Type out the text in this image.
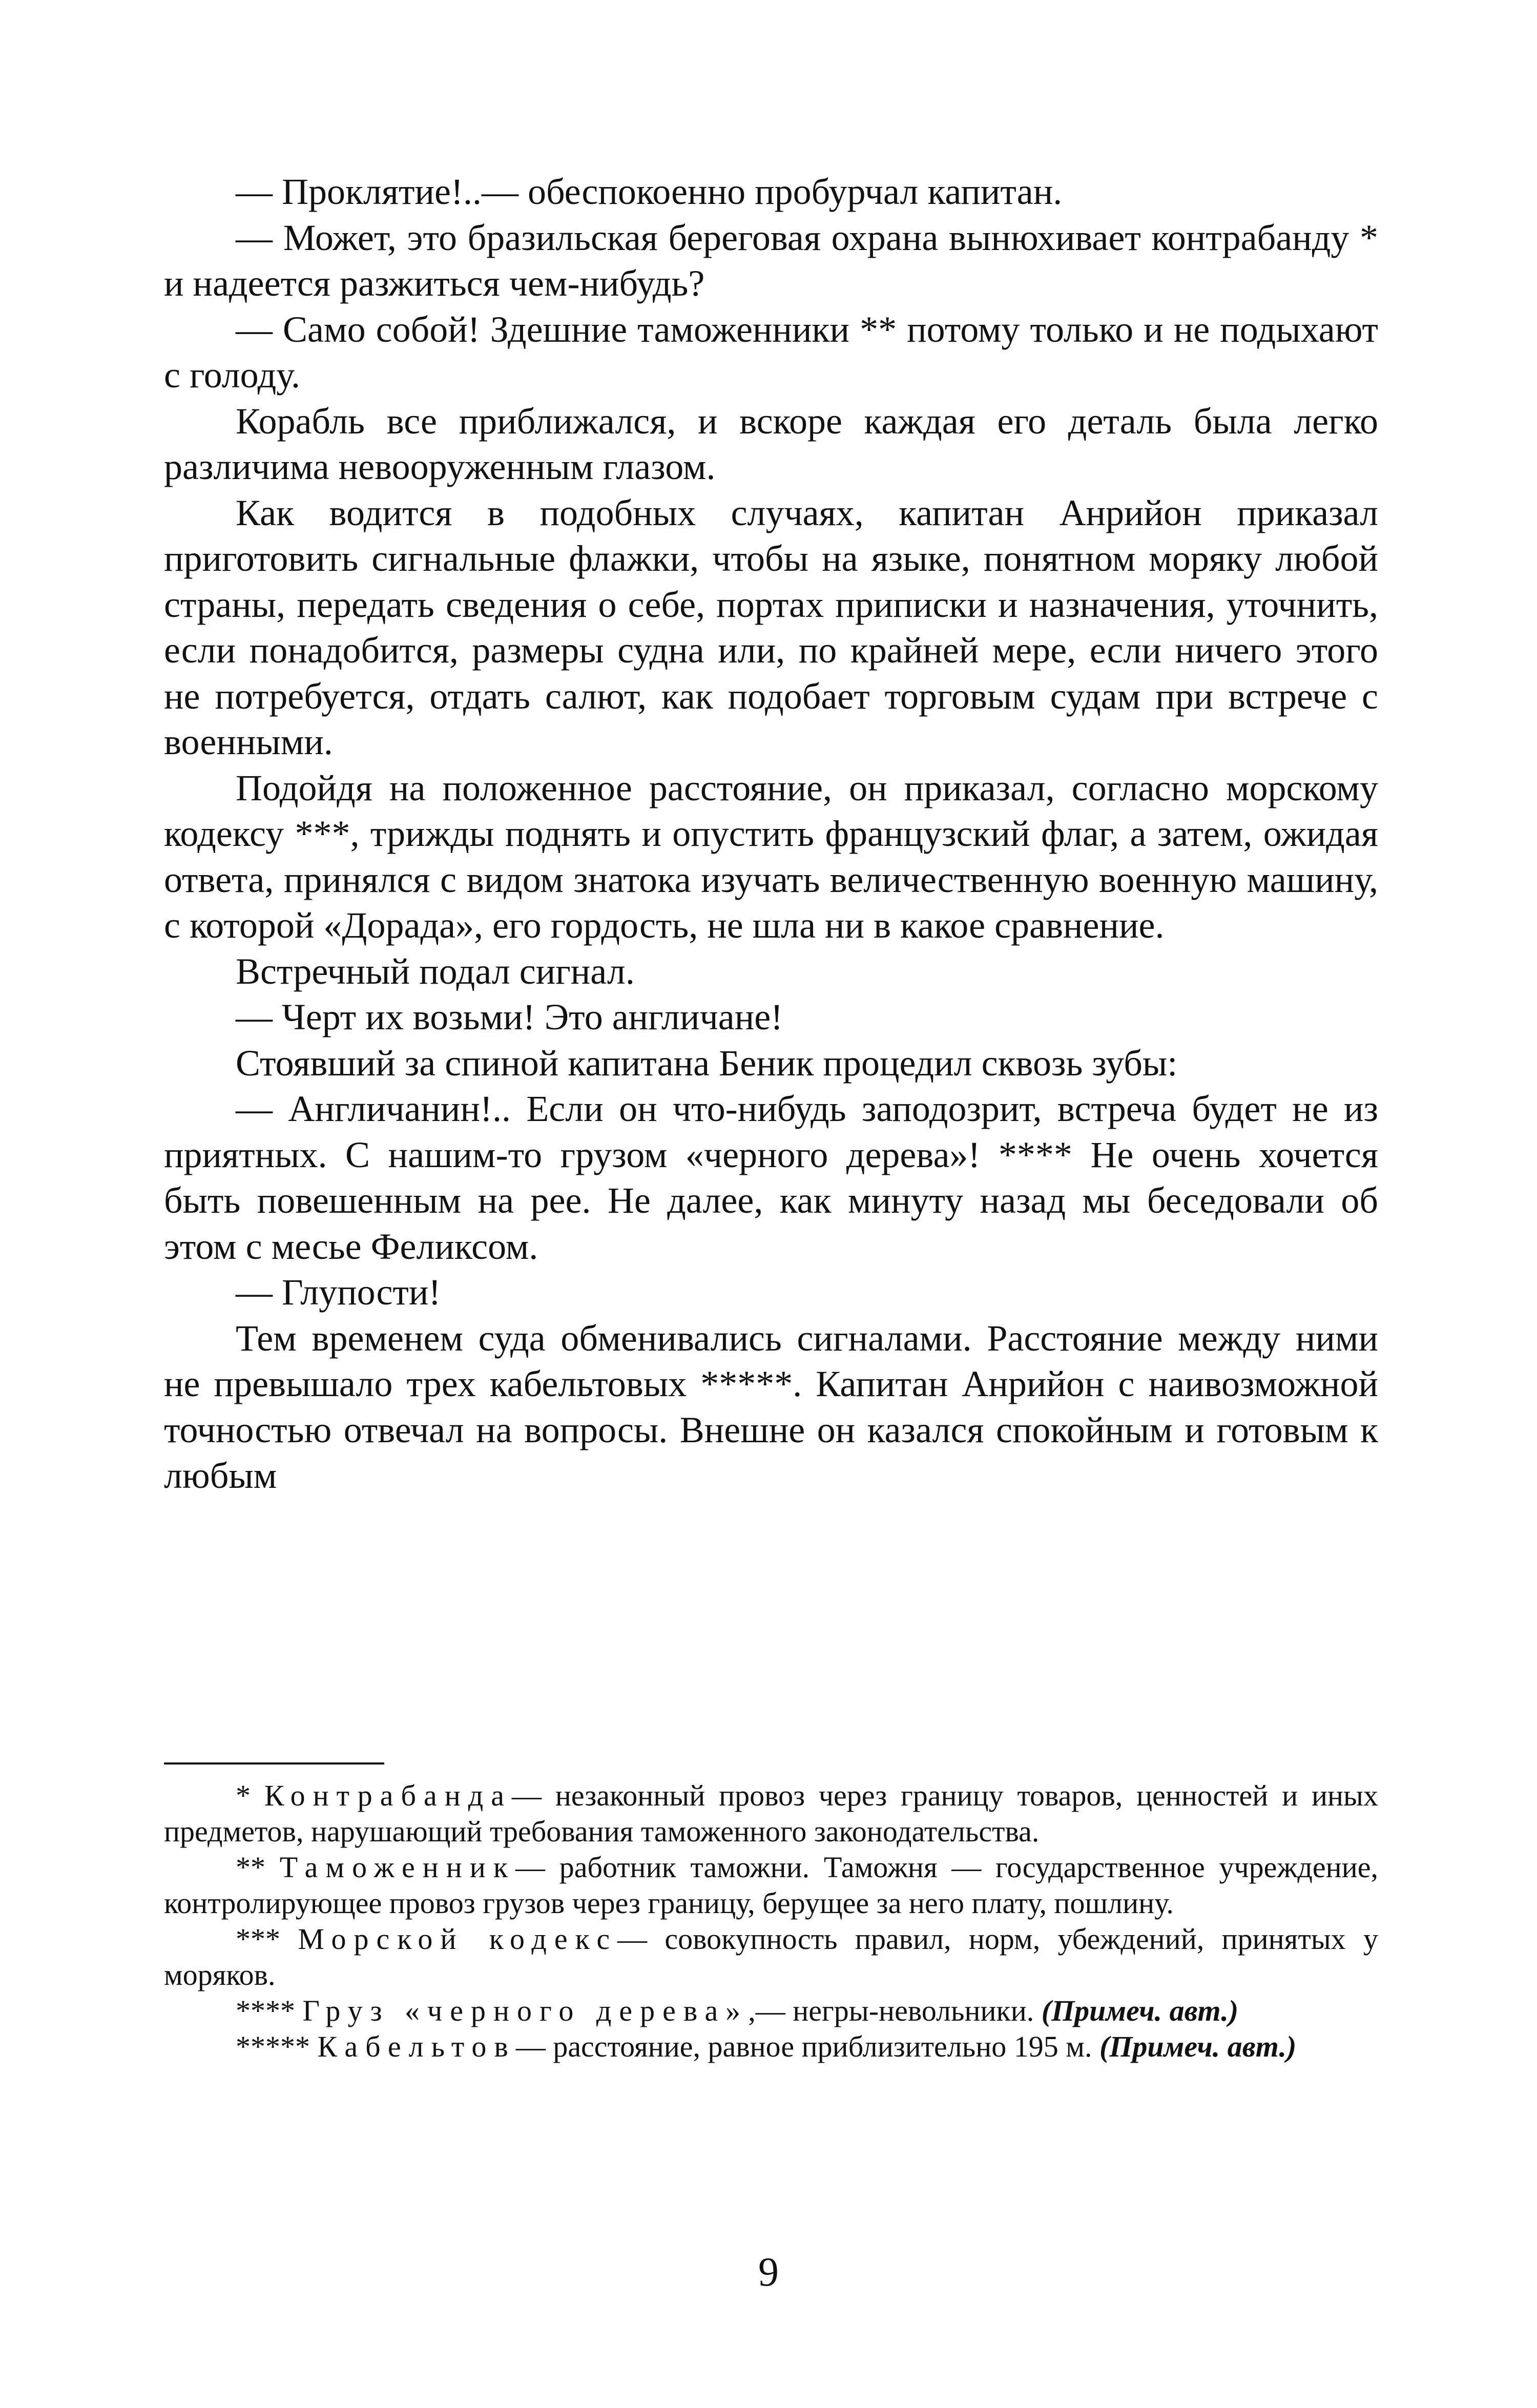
— Проклятие!..— обеспокоенно пробурчал капитан.

— Может, это бразильская береговая охрана вынюхивает контрабанду * и надеется разжиться чем-нибудь?

— Само собой! Здешние таможенники ** потому только и не подыхают с голоду.

Корабль все приближался, и вскоре каждая его деталь была легко различима невооруженным глазом.

Как водится в подобных случаях, капитан Анрийон приказал приготовить сигнальные флажки, чтобы на языке, понятном моряку любой страны, передать сведения о себе, портах приписки и назначения, уточнить, если понадобится, размеры судна или, по крайней мере, если ничего этого не потребуется, отдать салют, как подобает торговым судам при встрече с военными.

Подойдя на положенное расстояние, он приказал, согласно морскому кодексу ***, трижды поднять и опустить французский флаг, а затем, ожидая ответа, принялся с видом знатока изучать величественную военную машину, с которой «Дорада», его гордость, не шла ни в какое сравнение.

Встречный подал сигнал.

— Черт их возьми! Это англичане!

Стоявший за спиной капитана Беник процедил сквозь зубы:

— Англичанин!.. Если он что-нибудь заподозрит, встреча будет не из приятных. С нашим-то грузом «черного дерева»! **** Не очень хочется быть повешенным на рее. Не далее, как минуту назад мы беседовали об этом с месье Феликсом.

— Глупости!

Тем временем суда обменивались сигналами. Расстояние между ними не превышало трех кабельтовых *****. Капитан Анрийон с наивозможной точностью отвечал на вопросы. Внешне он казался спокойным и готовым к любым

* Контрабанда— незаконный провоз через границу товаров, ценностей и иных предметов, нарушающий требования таможенного законодательства.

** Таможенник— работник таможни. Таможня — государственное учреждение, контролирующее провоз грузов через границу, берущее за него плату, пошлину.

*** Морской кодекс— совокупность правил, норм, убеждений, принятых у моряков.

**** Груз «черного дерева»,— негры-невольники. (Примеч. авт.)

***** Кабельтов— расстояние, равное приблизительно 195 м. (Примеч. авт.)

9
